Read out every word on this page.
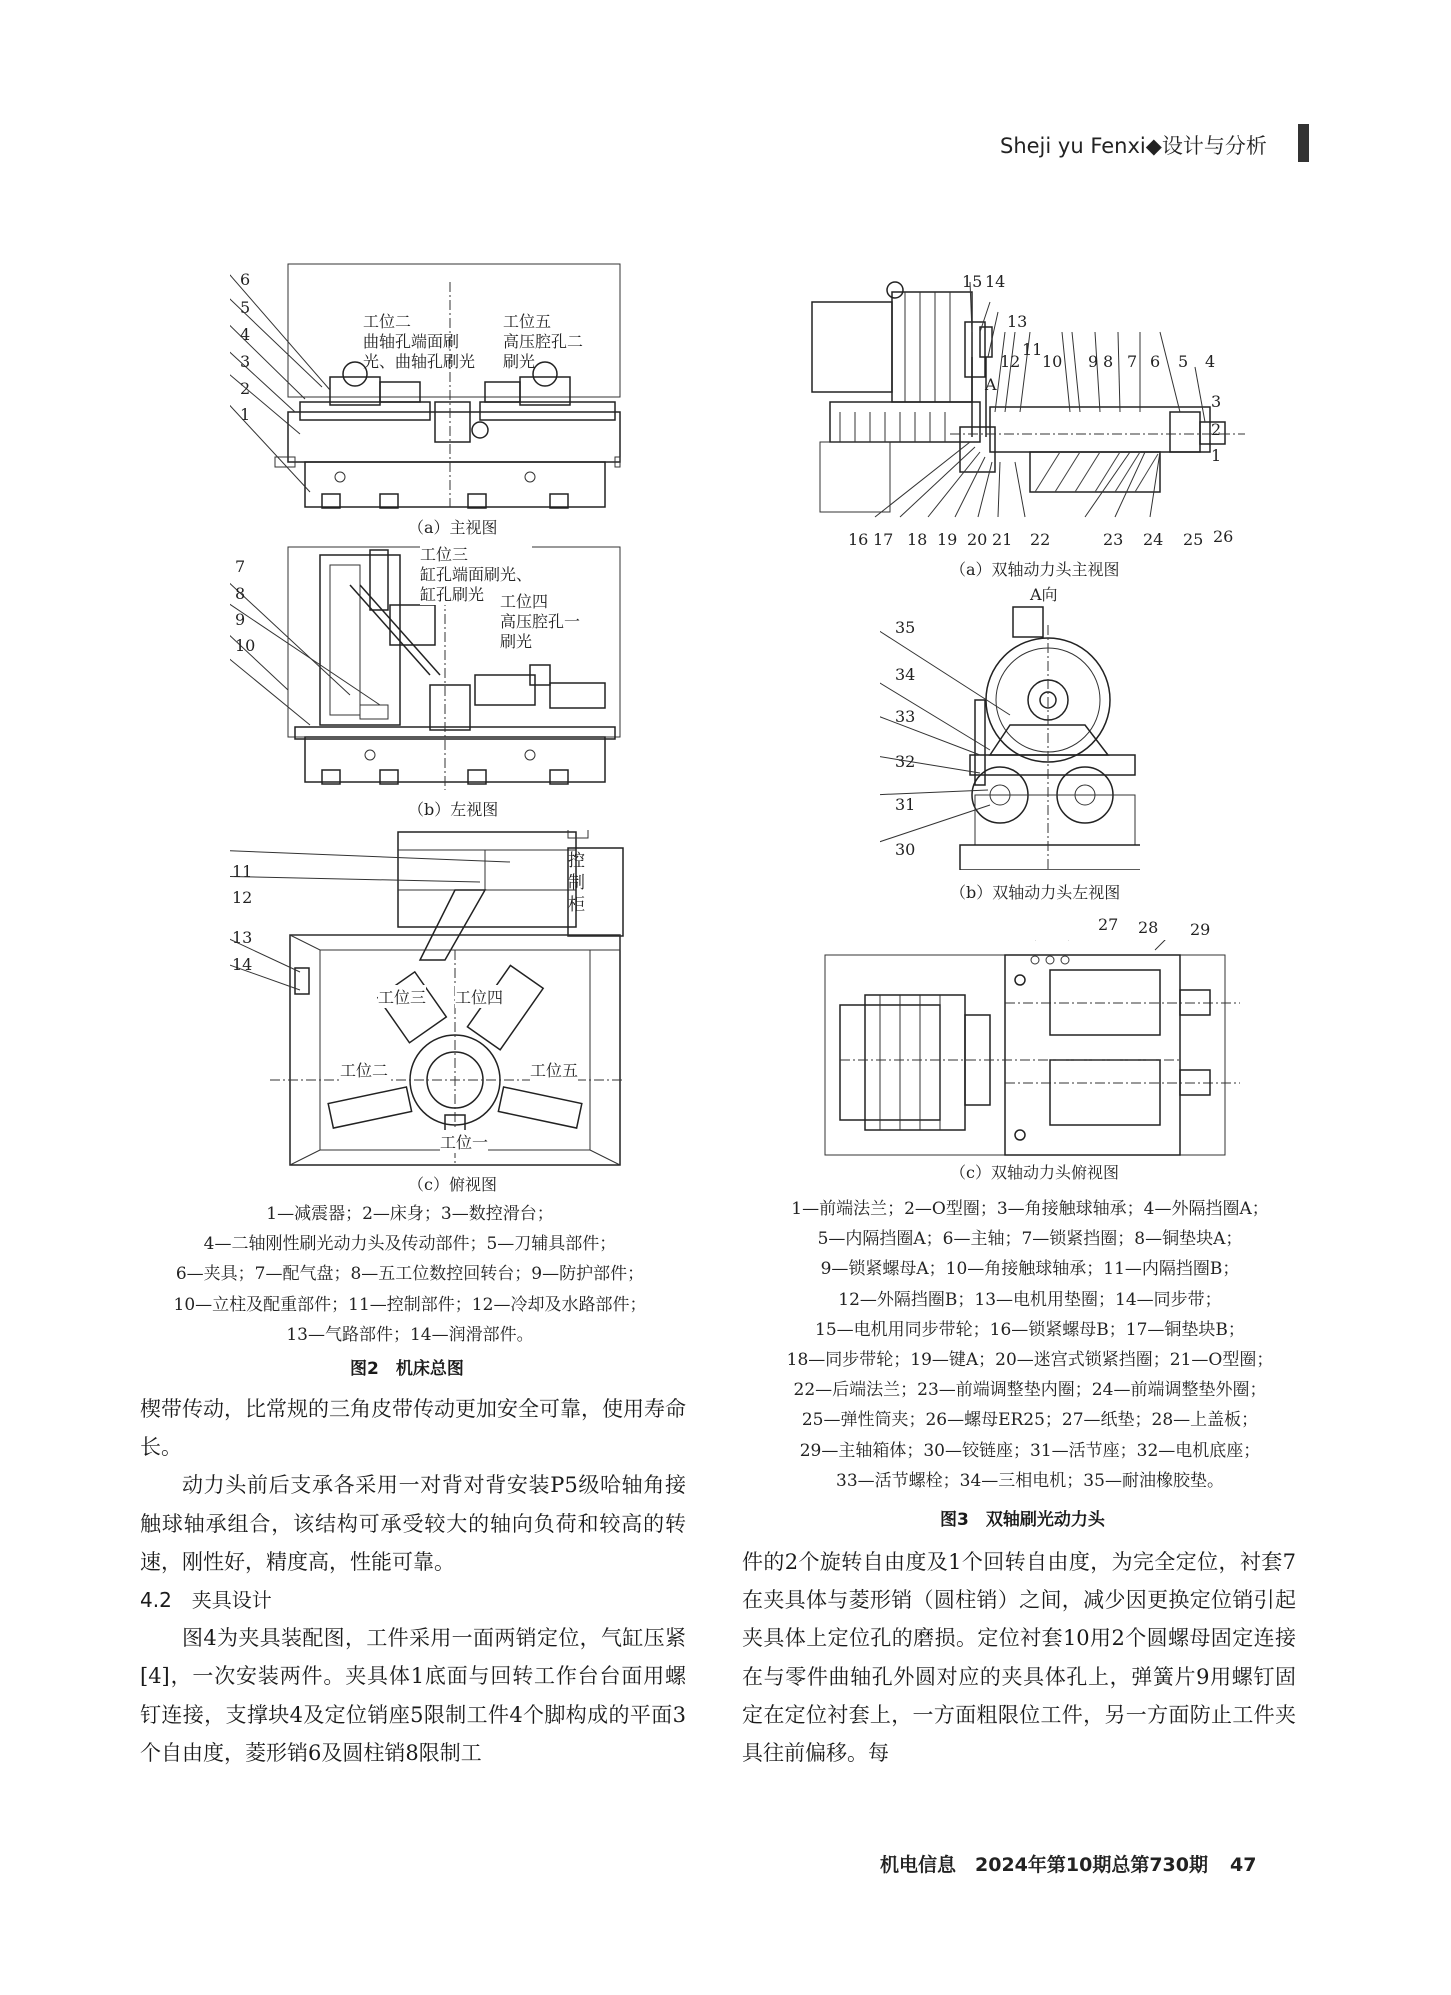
Sheji yu Fenxi◆设计与分析
6
5
4
3
2
1
工位二
曲轴孔端面刷
光、曲轴孔刷光
工位五
高压腔孔二
刷光
（a）主视图
7
8
9
10
工位三
缸孔端面刷光、
缸孔刷光 工位四
高压腔孔一
刷光
（b）左视图
控
制
柜
11
12
13
14
工位三 工位四
工位二	工位五
工位一
（c）俯视图
1—减震器；2—床身；3—数控滑台；
4—二轴刚性刷光动力头及传动部件；5—刀辅具部件；
6—夹具；7—配气盘；8—五工位数控回转台；9—防护部件；
10—立柱及配重部件；11—控制部件；12—冷却及水路部件；
13—气路部件；14—润滑部件。
图2　机床总图
15 14
13
12
11
10 9 8 7 6 5 4
3
2
1
A
16 17 18 19 20 21 22	23 24 25 26
（a）双轴动力头主视图
A向
35
34
33
32
31
30
（b）双轴动力头左视图
27 28 29
（c）双轴动力头俯视图
1—前端法兰；2—O型圈；3—角接触球轴承；4—外隔挡圈A；
5—内隔挡圈A；6—主轴；7—锁紧挡圈；8—铜垫块A；
9—锁紧螺母A；10—角接触球轴承；11—内隔挡圈B；
12—外隔挡圈B；13—电机用垫圈；14—同步带；
15—电机用同步带轮；16—锁紧螺母B；17—铜垫块B；
18—同步带轮；19—键A；20—迷宫式锁紧挡圈；21—O型圈；
22—后端法兰；23—前端调整垫内圈；24—前端调整垫外圈；
25—弹性筒夹；26—螺母ER25；27—纸垫；28—上盖板；
29—主轴箱体；30—铰链座；31—活节座；32—电机底座；
33—活节螺栓；34—三相电机；35—耐油橡胶垫。
图3　双轴刷光动力头

楔带传动，比常规的三角皮带传动更加安全可靠，使用寿命长。

动力头前后支承各采用一对背对背安装P5级哈轴角接触球轴承组合，该结构可承受较大的轴向负荷和较高的转速，刚性好，精度高，性能可靠。

4.2　夹具设计

图4为夹具装配图，工件采用一面两销定位，气缸压紧[4]，一次安装两件。夹具体1底面与回转工作台台面用螺钉连接，支撑块4及定位销座5限制工件4个脚构成的平面3个自由度，菱形销6及圆柱销8限制工

件的2个旋转自由度及1个回转自由度，为完全定位，衬套7在夹具体与菱形销（圆柱销）之间，减少因更换定位销引起夹具体上定位孔的磨损。定位衬套10用2个圆螺母固定连接在与零件曲轴孔外圆对应的夹具体孔上，弹簧片9用螺钉固定在定位衬套上，一方面粗限位工件，另一方面防止工件夹具往前偏移。每

机电信息　2024年第10期总第730期 47
